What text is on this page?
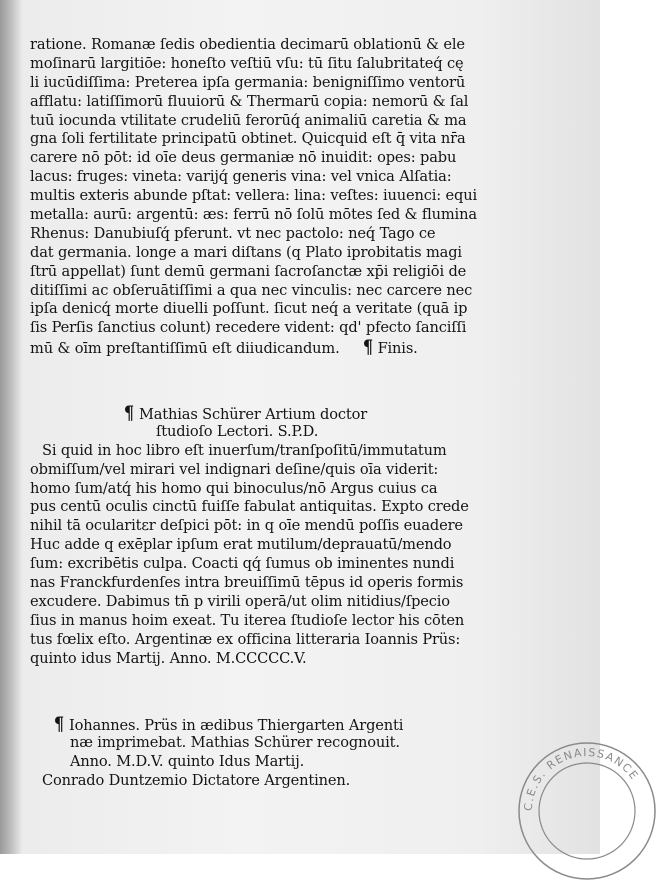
ratione. Romanæ ſedis obedientia decimarū oblationū & ele
moſinarū largitiōe: honeſto veſtiū vſu: tū ſitu ſalubritateq́ cę
li iucūdiſſima: Preterea ipſa germania: benigniſſimo ventorū
afflatu: latiſſimorū fluuiorū & Thermarū copia: nemorū & ſal
tuū iocunda vtilitate crudeliū ferorūq́ animaliū caretia & ma
gna ſoli fertilitate principatū obtinet. Quicquid eſt q̄ vita nr̄a
carere nō pōt: id oīe deus germaniæ nō inuidit: opes: pabu
lacus: fruges: vineta: varijq́ generis vina: vel vnica Alſatia:
multis exteris abunde pſtat: vellera: lina: veſtes: iuuenci: equi
metalla: aurū: argentū: æs: ferrū nō ſolū mōtes ſed & flumina
Rhenus: Danubiuſq́ pferunt. vt nec pactolo: neq́ Tago ce
dat germania. longe a mari diſtans (q Plato iprobitatis magi
ſtrū appellat) ſunt demū germani ſacroſanctæ xp̄i religiōi de
ditiſſimi ac obſeruātiſſimi a qua nec vinculis: nec carcere nec
ipſa denicq́ morte diuelli poſſunt. ſicut neq́ a veritate (quā ip
ſis Perſis ſanctius colunt) recedere vident: qd' pfecto ſanciſſi
mū & oīm preſtantiſſimū eſt diiudicandum. ¶ Finis.
¶ Mathias Schürer Artium doctor
ſtudioſo Lectori. S.P.D.
Si quid in hoc libro eſt inuerſum/tranſpoſitū/immutatum
obmiſſum/vel mirari vel indignari deſine/quis oīa viderit:
homo ſum/atq́ his homo qui binoculus/nō Argus cuius ca
pus centū oculis cinctū fuiſſe fabulat antiquitas. Expto crede
nihil tā ocularitεr deſpici pōt: in q oīe mendū poſſis euadere
Huc adde q exēplar ipſum erat mutilum/deprauatū/mendo
ſum: excribētis culpa. Coacti qq́ ſumus ob iminentes nundi
nas Franckfurdenſes intra breuiſſimū tēpus id operis formis
excudere. Dabimus tn̄ p virili operā/ut olim nitidius/ſpecio
ſius in manus hoim exeat. Tu iterea ſtudioſe lector his cōten
tus fœlix eſto. Argentinæ ex officina litteraria Ioannis Prüs:
quinto idus Martij. Anno. M.CCCCC.V.
¶ Iohannes. Prüs in ædibus Thiergarten Argenti
næ imprimebat. Mathias Schürer recognouit.
Anno. M.D.V. quinto Idus Martij.
Conrado Duntzemio Dictatore Argentinen.
C.E.S. RENAISSANCE
